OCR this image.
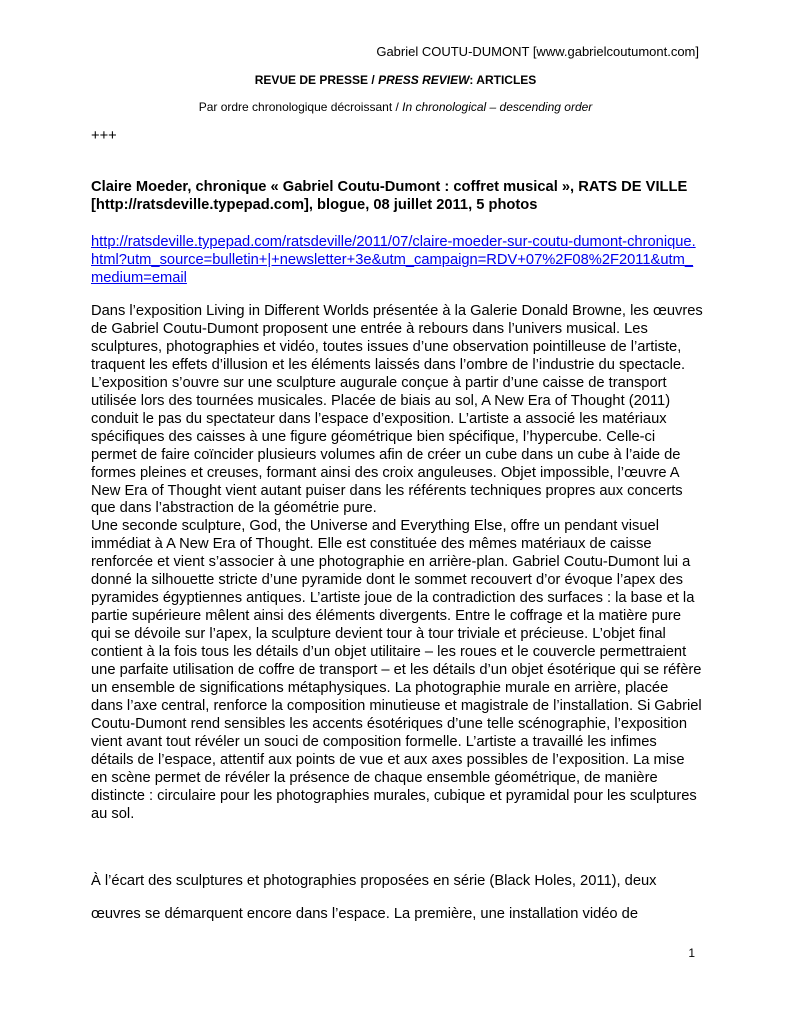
Gabriel COUTU-DUMONT [www.gabrielcoutumont.com]
REVUE DE PRESSE / PRESS REVIEW: ARTICLES
Par ordre chronologique décroissant / In chronological – descending order
+++
Claire Moeder, chronique « Gabriel Coutu-Dumont : coffret musical », RATS DE VILLE [http://ratsdeville.typepad.com], blogue, 08 juillet 2011, 5 photos
http://ratsdeville.typepad.com/ratsdeville/2011/07/claire-moeder-sur-coutu-dumont-chronique.html?utm_source=bulletin+|+newsletter+3e&utm_campaign=RDV+07%2F08%2F2011&utm_medium=email

Dans l’exposition Living in Different Worlds présentée à la Galerie Donald Browne, les œuvres de Gabriel Coutu-Dumont proposent une entrée à rebours dans l’univers musical. Les sculptures, photographies et vidéo, toutes issues d’une observation pointilleuse de l’artiste, traquent les effets d’illusion et les éléments laissés dans l’ombre de l’industrie du spectacle.

L’exposition s’ouvre sur une sculpture augurale conçue à partir d’une caisse de transport utilisée lors des tournées musicales. Placée de biais au sol, A New Era of Thought (2011) conduit le pas du spectateur dans l’espace d’exposition. L’artiste a associé les matériaux spécifiques des caisses à une figure géométrique bien spécifique, l’hypercube. Celle-ci permet de faire coïncider plusieurs volumes afin de créer un cube dans un cube à l’aide de formes pleines et creuses, formant ainsi des croix anguleuses. Objet impossible, l’œuvre A New Era of Thought vient autant puiser dans les référents techniques propres aux concerts que dans l’abstraction de la géométrie pure.

Une seconde sculpture, God, the Universe and Everything Else, offre un pendant visuel immédiat à A New Era of Thought. Elle est constituée des mêmes matériaux de caisse renforcée et vient s’associer à une photographie en arrière-plan. Gabriel Coutu-Dumont lui a donné la silhouette stricte d’une pyramide dont le sommet recouvert d’or évoque l’apex des pyramides égyptiennes antiques. L’artiste joue de la contradiction des surfaces : la base et la partie supérieure mêlent ainsi des éléments divergents. Entre le coffrage et la matière pure qui se dévoile sur l’apex, la sculpture devient tour à tour triviale et précieuse. L’objet final contient à la fois tous les détails d’un objet utilitaire – les roues et le couvercle permettraient une parfaite utilisation de coffre de transport – et les détails d’un objet ésotérique qui se réfère un ensemble de significations métaphysiques. La photographie murale en arrière, placée dans l’axe central, renforce la composition minutieuse et magistrale de l’installation. Si Gabriel Coutu-Dumont rend sensibles les accents ésotériques d’une telle scénographie, l’exposition vient avant tout révéler un souci de composition formelle. L’artiste a travaillé les infimes détails de l’espace, attentif aux points de vue et aux axes possibles de l’exposition. La mise en scène permet de révéler la présence de chaque ensemble géométrique, de manière distincte : circulaire pour les photographies murales, cubique et pyramidal pour les sculptures au sol.

À l’écart des sculptures et photographies proposées en série (Black Holes, 2011), deux

œuvres se démarquent encore dans l’espace. La première, une installation vidéo de

1
